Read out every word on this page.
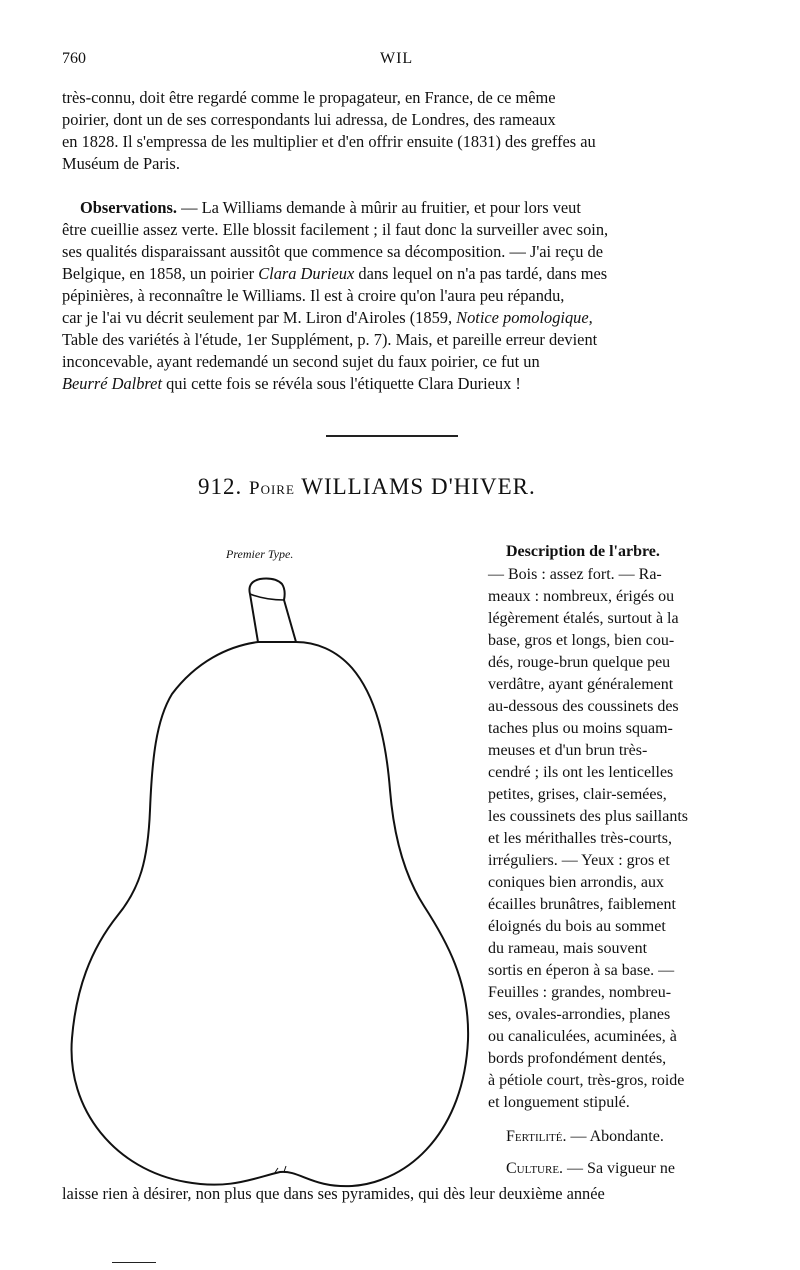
760	WIL
très-connu, doit être regardé comme le propagateur, en France, de ce même
poirier, dont un de ses correspondants lui adressa, de Londres, des rameaux
en 1828. Il s'empressa de les multiplier et d'en offrir ensuite (1831) des greffes au
Muséum de Paris.
Observations. — La Williams demande à mûrir au fruitier, et pour lors veut
être cueillie assez verte. Elle blossit facilement ; il faut donc la surveiller avec soin,
ses qualités disparaissant aussitôt que commence sa décomposition. — J'ai reçu de
Belgique, en 1858, un poirier Clara Durieux dans lequel on n'a pas tardé, dans mes
pépinières, à reconnaître le Williams. Il est à croire qu'on l'aura peu répandu,
car je l'ai vu décrit seulement par M. Liron d'Airoles (1859, Notice pomologique,
Table des variétés à l'étude, 1er Supplément, p. 7). Mais, et pareille erreur devient
inconcevable, ayant redemandé un second sujet du faux poirier, ce fut un
Beurré Dalbret qui cette fois se révéla sous l'étiquette Clara Durieux !
912. Poire WILLIAMS D'HIVER.
Premier Type.	Description de l'arbre.
— Bois : assez fort. — Ra-
meaux : nombreux, érigés ou
légèrement étalés, surtout à la
base, gros et longs, bien cou-
dés, rouge-brun quelque peu
verdâtre, ayant généralement
au-dessous des coussinets des
taches plus ou moins squam-
meuses et d'un brun très-
cendré ; ils ont les lenticelles
petites, grises, clair-semées,
les coussinets des plus saillants
et les mérithalles très-courts,
irréguliers. — Yeux : gros et
coniques bien arrondis, aux
écailles brunâtres, faiblement
éloignés du bois au sommet
du rameau, mais souvent
sortis en éperon à sa base. —
Feuilles : grandes, nombreu-
ses, ovales-arrondies, planes
ou canaliculées, acuminées, à
bords profondément dentés,
à pétiole court, très-gros, roide
et longuement stipulé.
Fertilité. — Abondante.
Culture. — Sa vigueur ne
laisse rien à désirer, non plus que dans ses pyramides, qui dès leur deuxième année
